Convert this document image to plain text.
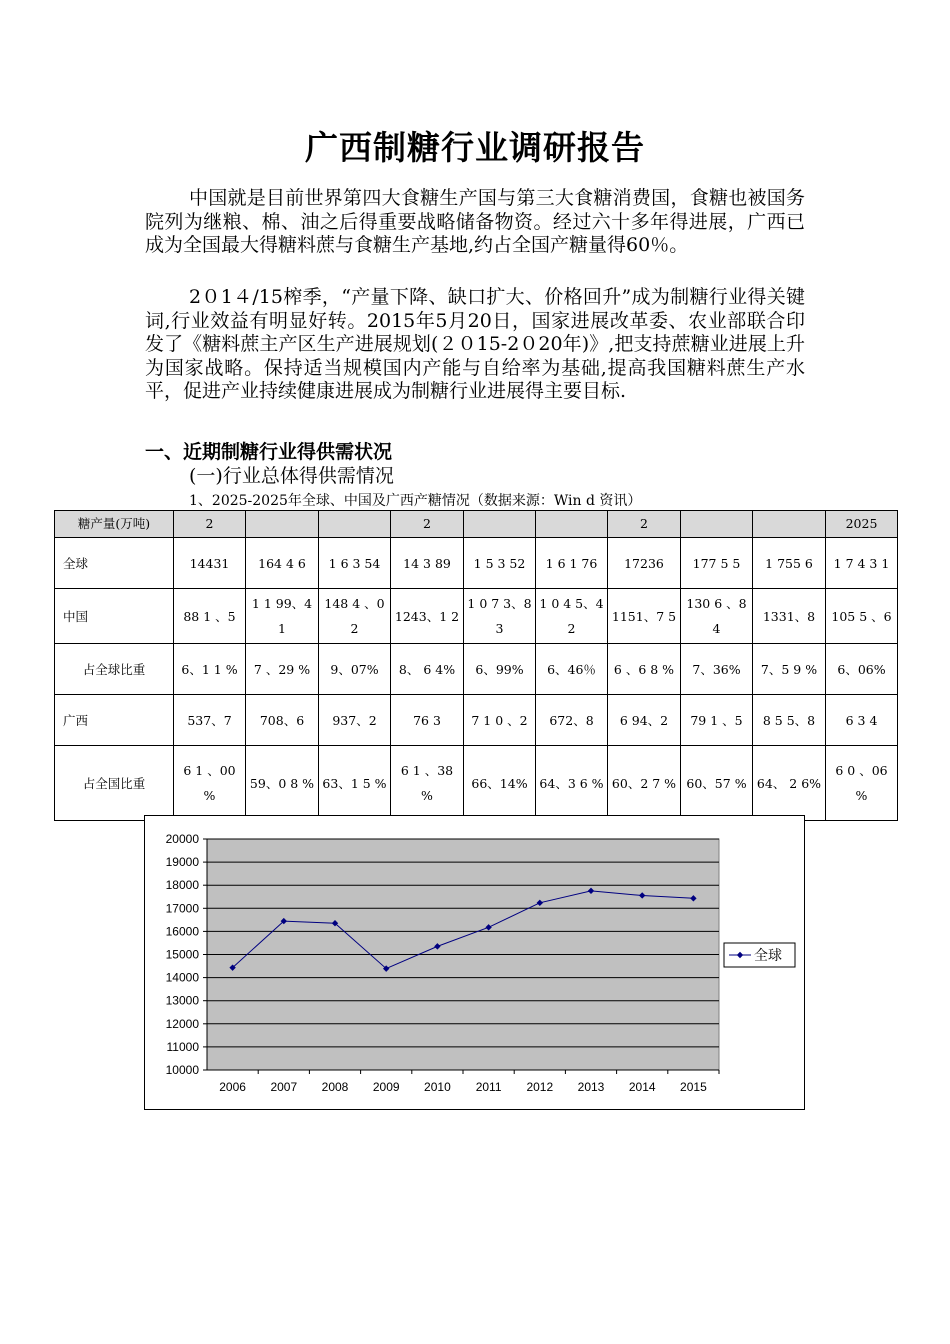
广西制糖行业调研报告

中国就是目前世界第四大食糖生产国与第三大食糖消费国，食糖也被国务院列为继粮、棉、油之后得重要战略储备物资。经过六十多年得进展，广西已成为全国最大得糖料蔗与食糖生产基地,约占全国产糖量得60％。

2０1４/15榨季，“产量下降、缺口扩大、价格回升”成为制糖行业得关键词,行业效益有明显好转。2015年5月20日，国家进展改革委、农业部联合印发了《糖料蔗主产区生产进展规划(２０15-2０20年)》,把支持蔗糖业进展上升为国家战略。保持适当规模国内产能与自给率为基础,提高我国糖料蔗生产水平，促进产业持续健康进展成为制糖行业进展得主要目标.

一、近期制糖行业得供需状况
(一)行业总体得供需情况
1、2025-2025年全球、中国及广西产糖情况（数据来源：Win d 资讯）
糖产量(万吨)	2			2			2			2025
全球	14431	164 4 6	1 6 3 54	14 3 89	1 5 3 52	1 6 1 76	17236	177 5 5	1 755 6	1 7 4 3 1
中国	88 1 、5	1 1 99、4 1	148 4 、0 2	1243、1 2	1 0 7 3、8 3	1 0 4 5、42	1151、7 5	130 6 、8 4	1331、8	105 5 、6
占全球比重	6、1 1 %	7 、29 %	9、07%	8、 6 4%	6、99%	6、46％	6 、6 8 %	7、36%	7、5 9 %	6、06%
广西	537、7	708、6	937、2	76 3	7 1 0 、2	672、8	6 94、2	79 1 、5	8 5 5、8	6 3 4
占全国比重	6 1 、00 %	59、0 8 %	63、1 5 %	6 1 、38 %	66、14%	64、3 6 %	60、2 7 %	60、57 %	64、 2 6%	6 0 、06 %
10000
11000
12000
13000
14000
15000
16000
17000
18000
19000
20000
2006 2007 2008 2009 2010 2011 2012 2013 2014 2015
全球
